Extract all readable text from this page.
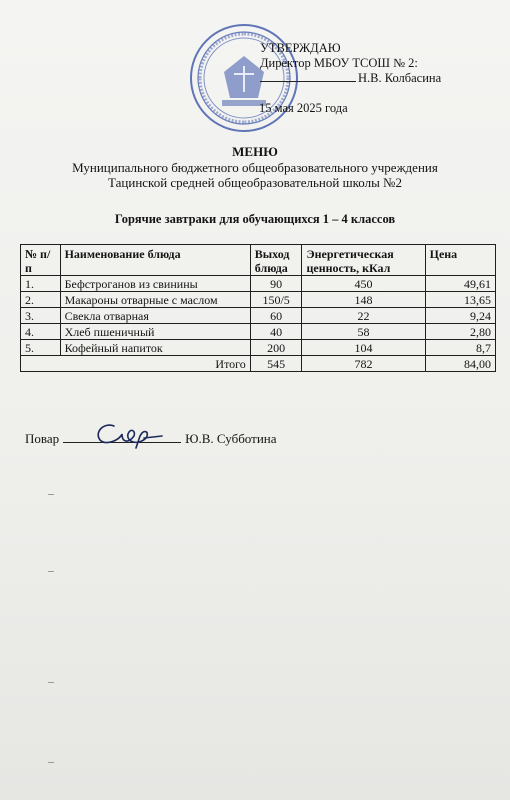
УТВЕРЖДАЮ
Директор МБОУ ТСОШ № 2:
Н.В. Колбасина
15 мая 2025 года
МЕНЮ
Муниципального бюджетного общеобразовательного учреждения
Тацинской средней общеобразовательной школы №2
Горячие завтраки для обучающихся 1 – 4 классов
№ п/п	Наименование блюда	Выход блюда	Энергетическая ценность, кКал	Цена
1.	Бефстроганов из свинины	90	450	49,61
2.	Макароны отварные с маслом	150/5	148	13,65
3.	Свекла отварная	60	22	9,24
4.	Хлеб пшеничный	40	58	2,80
5.	Кофейный напиток	200	104	8,7
Итого		545	782	84,00
Повар	Ю.В. Субботина
